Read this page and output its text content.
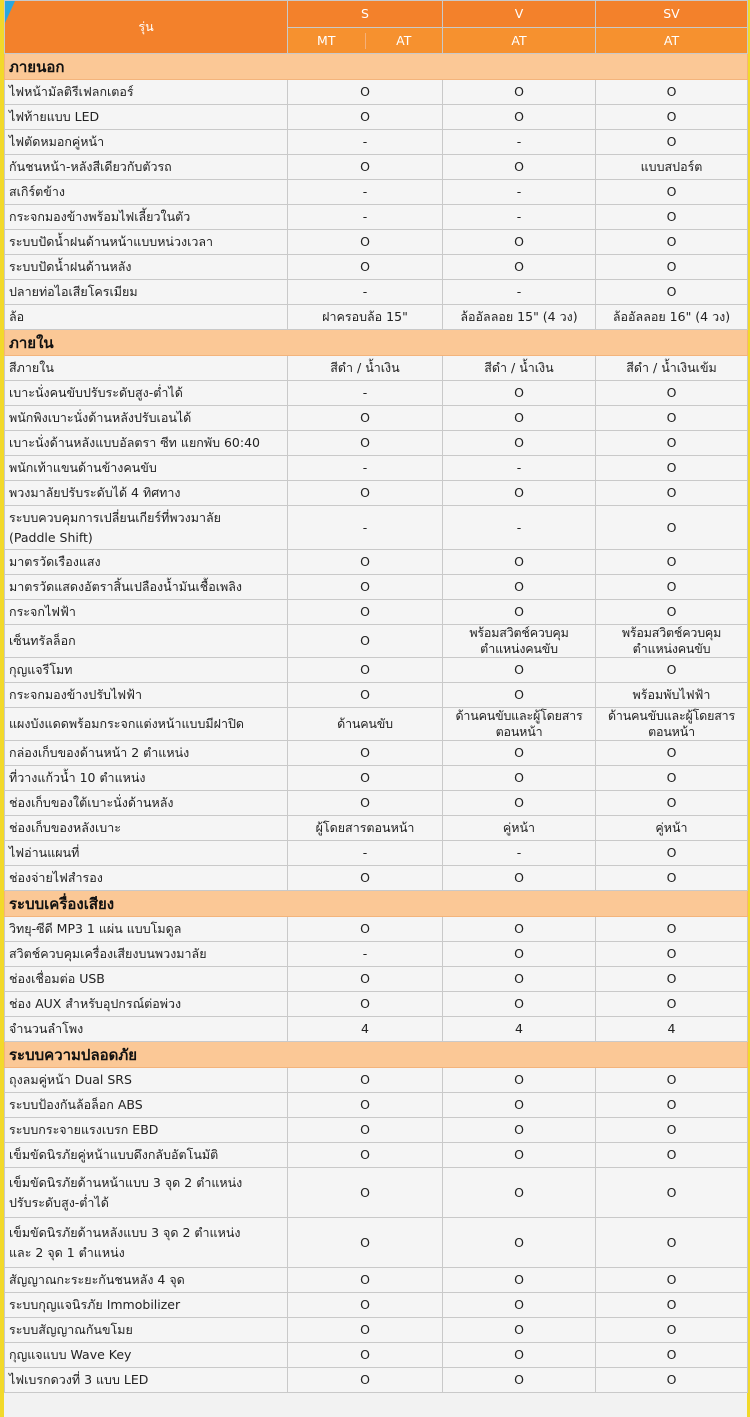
รุ่น	S	V	SV

	MT AT	AT	AT
ภายนอก			

ไฟหน้ามัลติรีเฟลกเตอร์	O	O	O

ไฟท้ายแบบ LED	O	O	O

ไฟตัดหมอกคู่หน้า	-	-	O

กันชนหน้า-หลังสีเดียวกับตัวรถ	O	O	แบบสปอร์ต

สเกิร์ตข้าง	-	-	O

กระจกมองข้างพร้อมไฟเลี้ยวในตัว	-	-	O

ระบบปัดน้ำฝนด้านหน้าแบบหน่วงเวลา	O	O	O

ระบบปัดน้ำฝนด้านหลัง	O	O	O

ปลายท่อไอเสียโครเมียม	-	-	O

ล้อ	ฝาครอบล้อ 15"	ล้ออัลลอย 15" (4 วง)	ล้ออัลลอย 16" (4 วง)
ภายใน			

สีภายใน	สีดำ / น้ำเงิน	สีดำ / น้ำเงิน	สีดำ / น้ำเงินเข้ม

เบาะนั่งคนขับปรับระดับสูง-ต่ำได้	-	O	O

พนักพิงเบาะนั่งด้านหลังปรับเอนได้	O	O	O

เบาะนั่งด้านหลังแบบอัลตรา ซีท แยกพับ 60:40	O	O	O

พนักเท้าแขนด้านข้างคนขับ	-	-	O

พวงมาลัยปรับระดับได้ 4 ทิศทาง	O	O	O

ระบบควบคุมการเปลี่ยนเกียร์ที่พวงมาลัย
(Paddle Shift)	-	-	O

มาตรวัดเรืองแสง	O	O	O

มาตรวัดแสดงอัตราสิ้นเปลืองน้ำมันเชื้อเพลิง	O	O	O

กระจกไฟฟ้า	O	O	O

เซ็นทรัลล็อก	O	พร้อมสวิตช์ควบคุมตำแหน่งคนขับ	พร้อมสวิตช์ควบคุมตำแหน่งคนขับ

กุญแจรีโมท	O	O	O

กระจกมองข้างปรับไฟฟ้า	O	O	พร้อมพับไฟฟ้า

แผงบังแดดพร้อมกระจกแต่งหน้าแบบมีฝาปิด	ด้านคนขับ	ด้านคนขับและผู้โดยสารตอนหน้า	ด้านคนขับและผู้โดยสารตอนหน้า

กล่องเก็บของด้านหน้า 2 ตำแหน่ง	O	O	O

ที่วางแก้วน้ำ 10 ตำแหน่ง	O	O	O

ช่องเก็บของใต้เบาะนั่งด้านหลัง	O	O	O

ช่องเก็บของหลังเบาะ	ผู้โดยสารตอนหน้า	คู่หน้า	คู่หน้า

ไฟอ่านแผนที่	-	-	O

ช่องจ่ายไฟสำรอง	O	O	O
ระบบเครื่องเสียง			

วิทยุ-ซีดี MP3 1 แผ่น แบบโมดูล	O	O	O

สวิตช์ควบคุมเครื่องเสียงบนพวงมาลัย	-	O	O

ช่องเชื่อมต่อ USB	O	O	O

ช่อง AUX สำหรับอุปกรณ์ต่อพ่วง	O	O	O

จำนวนลำโพง	4	4	4
ระบบความปลอดภัย			

ถุงลมคู่หน้า Dual SRS	O	O	O

ระบบป้องกันล้อล็อก ABS	O	O	O

ระบบกระจายแรงเบรก EBD	O	O	O

เข็มขัดนิรภัยคู่หน้าแบบดึงกลับอัตโนมัติ	O	O	O

เข็มขัดนิรภัยด้านหน้าแบบ 3 จุด 2 ตำแหน่ง
ปรับระดับสูง-ต่ำได้	O	O	O

เข็มขัดนิรภัยด้านหลังแบบ 3 จุด 2 ตำแหน่ง
และ 2 จุด 1 ตำแหน่ง	O	O	O

สัญญาณกะระยะกันชนหลัง 4 จุด	O	O	O

ระบบกุญแจนิรภัย Immobilizer	O	O	O

ระบบสัญญาณกันขโมย	O	O	O

กุญแจแบบ Wave Key	O	O	O

ไฟเบรกดวงที่ 3 แบบ LED	O	O	O
